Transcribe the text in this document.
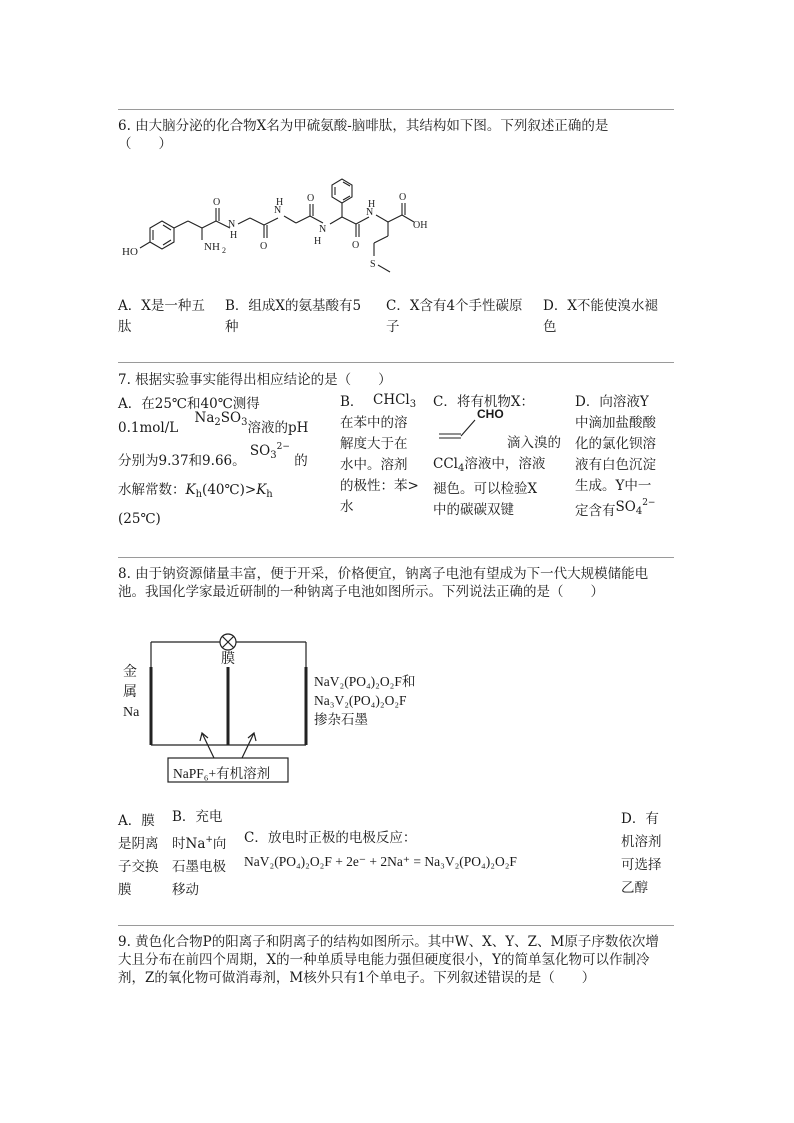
6. 由大脑分泌的化合物X名为甲硫氨酸-脑啡肽，其结构如下图。下列叙述正确的是
（　　）
HO	NH 2
O
N
H
O
N
H O
N
H	O
N
H
O
OH
S
A．X是一种五
肽
B．组成X的氨基酸有5
种
C．X含有4个手性碳原
子
D．X不能使溴水褪
色
7. 根据实验事实能得出相应结论的是（　　）
A．在25℃和40℃测得
0.1mol/L $Na_2SO_3$溶液的pH
分别为9.37和9.66。 $SO_3^{2-}$ 的
水解常数：$K_h(40℃)>K_h$
(25℃)
B． CHCl$_3$
在苯中的溶
解度大于在
水中。溶剂
的极性：苯>
水
C．将有机物X：
CHO
滴入溴的
CCl$_4$溶液中，溶液
褪色。可以检验X
中的碳碳双键
D．向溶液Y
中滴加盐酸酸
化的氯化钡溶
液有白色沉淀
生成。Y中一
定含有$SO_4^{2-}$
8. 由于钠资源储量丰富，便于开采，价格便宜，钠离子电池有望成为下一代大规模储能电
池。我国化学家最近研制的一种钠离子电池如图所示。下列说法正确的是（　　）
膜
金
属
Na
NaV₂(PO₄)₂O₂F和
Na₃V₂(PO₄)₂O₂F
掺杂石墨
NaPF₆+有机溶剂
A．膜
是阴离
子交换
膜
B．充电
时Na+向
石墨电极
移动
C．放电时正极的电极反应：
NaV₂(PO₄)₂O₂F + 2e⁻ + 2Na⁺ = Na₃V₂(PO₄)₂O₂F
D．有
机溶剂
可选择
乙醇
9. 黄色化合物P的阳离子和阴离子的结构如图所示。其中W、X、Y、Z、M原子序数依次增
大且分布在前四个周期，X的一种单质导电能力强但硬度很小，Y的简单氢化物可以作制冷
剂，Z的氧化物可做消毒剂，M核外只有1个单电子。下列叙述错误的是（　　）
